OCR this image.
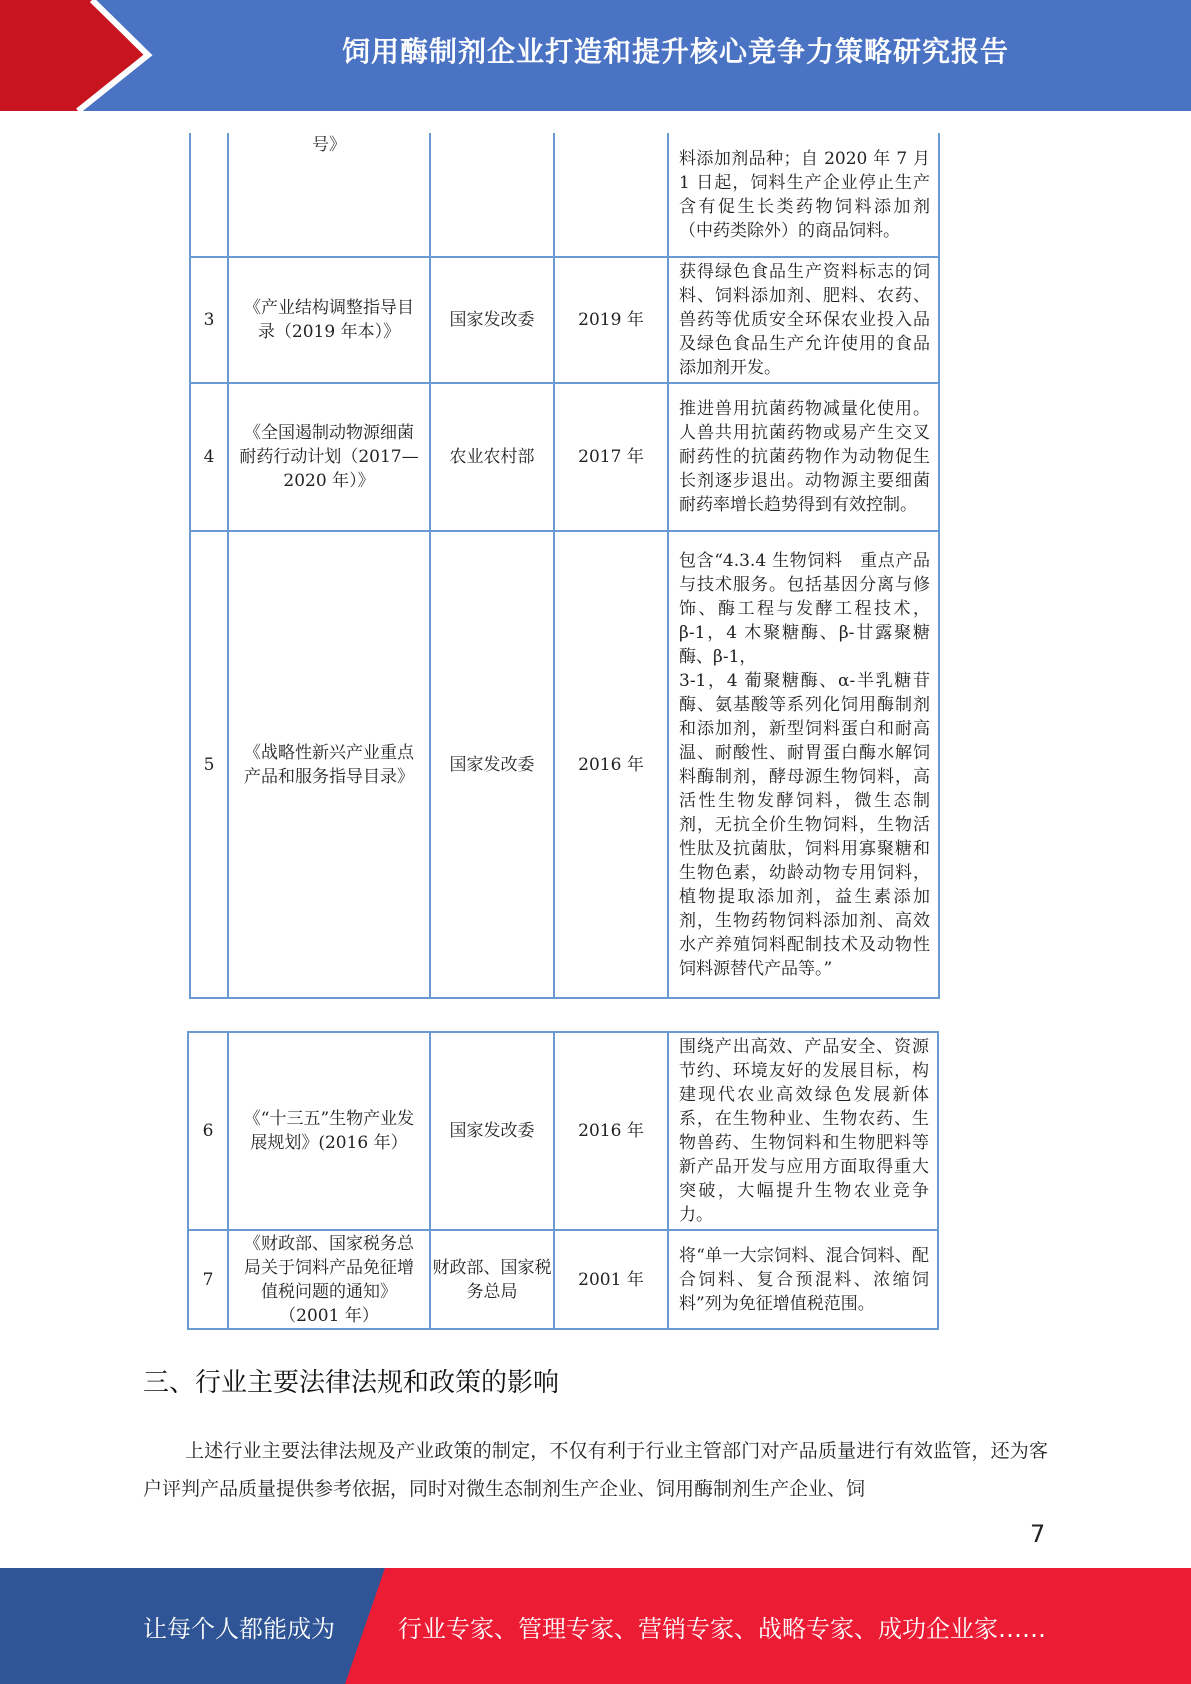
饲用酶制剂企业打造和提升核心竞争力策略研究报告
	号》			料添加剂品种；自 2020 年 7 月 1 日起，饲料生产企业停止生产含有促生长类药物饲料添加剂（中药类除外）的商品饲料。
3	《产业结构调整指导目录（2019 年本）》	国家发改委	2019 年	获得绿色食品生产资料标志的饲料、饲料添加剂、肥料、农药、兽药等优质安全环保农业投入品及绿色食品生产允许使用的食品添加剂开发。
4	《全国遏制动物源细菌耐药行动计划（2017—2020 年）》	农业农村部	2017 年	推进兽用抗菌药物减量化使用。人兽共用抗菌药物或易产生交叉耐药性的抗菌药物作为动物促生长剂逐步退出。动物源主要细菌耐药率增长趋势得到有效控制。
5	《战略性新兴产业重点产品和服务指导目录》	国家发改委	2016 年	包含“4.3.4 生物饲料　重点产品与技术服务。包括基因分离与修饰、酶工程与发酵工程技术，β-1，4 木聚糖酶、β-甘露聚糖酶、β-1，
3-1，4 葡聚糖酶、α-半乳糖苷酶、氨基酸等系列化饲用酶制剂和添加剂，新型饲料蛋白和耐高温、耐酸性、耐胃蛋白酶水解饲料酶制剂，酵母源生物饲料，高活性生物发酵饲料，微生态制剂，无抗全价生物饲料，生物活性肽及抗菌肽，饲料用寡聚糖和生物色素，幼龄动物专用饲料，植物提取添加剂，益生素添加剂，生物药物饲料添加剂、高效水产养殖饲料配制技术及动物性饲料源替代产品等。”
6	《“十三五”生物产业发展规划》(2016 年）	国家发改委	2016 年	围绕产出高效、产品安全、资源节约、环境友好的发展目标，构建现代农业高效绿色发展新体系，在生物种业、生物农药、生物兽药、生物饲料和生物肥料等新产品开发与应用方面取得重大突破，大幅提升生物农业竞争力。
7	《财政部、国家税务总局关于饲料产品免征增值税问题的通知》（2001 年）	财政部、国家税务总局	2001 年	将“单一大宗饲料、混合饲料、配合饲料、复合预混料、浓缩饲料”列为免征增值税范围。
三、行业主要法律法规和政策的影响
上述行业主要法律法规及产业政策的制定，不仅有利于行业主管部门对产品质量进行有效监管，还为客户评判产品质量提供参考依据，同时对微生态制剂生产企业、饲用酶制剂生产企业、饲
7
让每个人都能成为	行业专家、管理专家、营销专家、战略专家、成功企业家……
